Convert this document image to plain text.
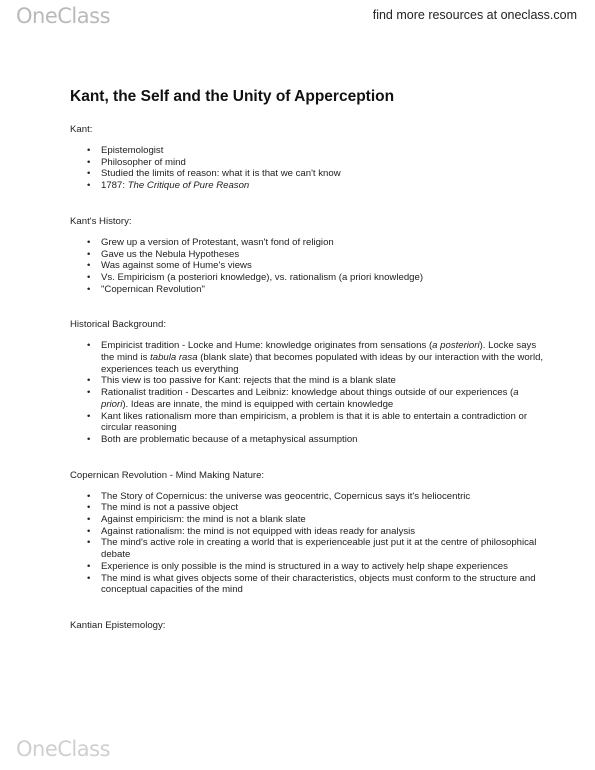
OneClass	find more resources at oneclass.com
Kant, the Self and the Unity of Apperception
Kant:
• Epistemologist
• Philosopher of mind
• Studied the limits of reason: what it is that we can't know
• 1787: The Critique of Pure Reason
Kant's History:
• Grew up a version of Protestant, wasn't fond of religion
• Gave us the Nebula Hypotheses
• Was against some of Hume's views
• Vs. Empiricism (a posteriori knowledge), vs. rationalism (a priori knowledge)
• "Copernican Revolution"
Historical Background:
• Empiricist tradition - Locke and Hume: knowledge originates from sensations (a posteriori). Locke says the mind is tabula rasa (blank slate) that becomes populated with ideas by our interaction with the world, experiences teach us everything
• This view is too passive for Kant: rejects that the mind is a blank slate
• Rationalist tradition - Descartes and Leibniz: knowledge about things outside of our experiences (a priori). Ideas are innate, the mind is equipped with certain knowledge
• Kant likes rationalism more than empiricism, a problem is that it is able to entertain a contradiction or circular reasoning
• Both are problematic because of a metaphysical assumption
Copernican Revolution - Mind Making Nature:
• The Story of Copernicus: the universe was geocentric, Copernicus says it's heliocentric
• The mind is not a passive object
• Against empiricism: the mind is not a blank slate
• Against rationalism: the mind is not equipped with ideas ready for analysis
• The mind's active role in creating a world that is experienceable just put it at the centre of philosophical debate
• Experience is only possible is the mind is structured in a way to actively help shape experiences
• The mind is what gives objects some of their characteristics, objects must conform to the structure and conceptual capacities of the mind
Kantian Epistemology:
OneClass
